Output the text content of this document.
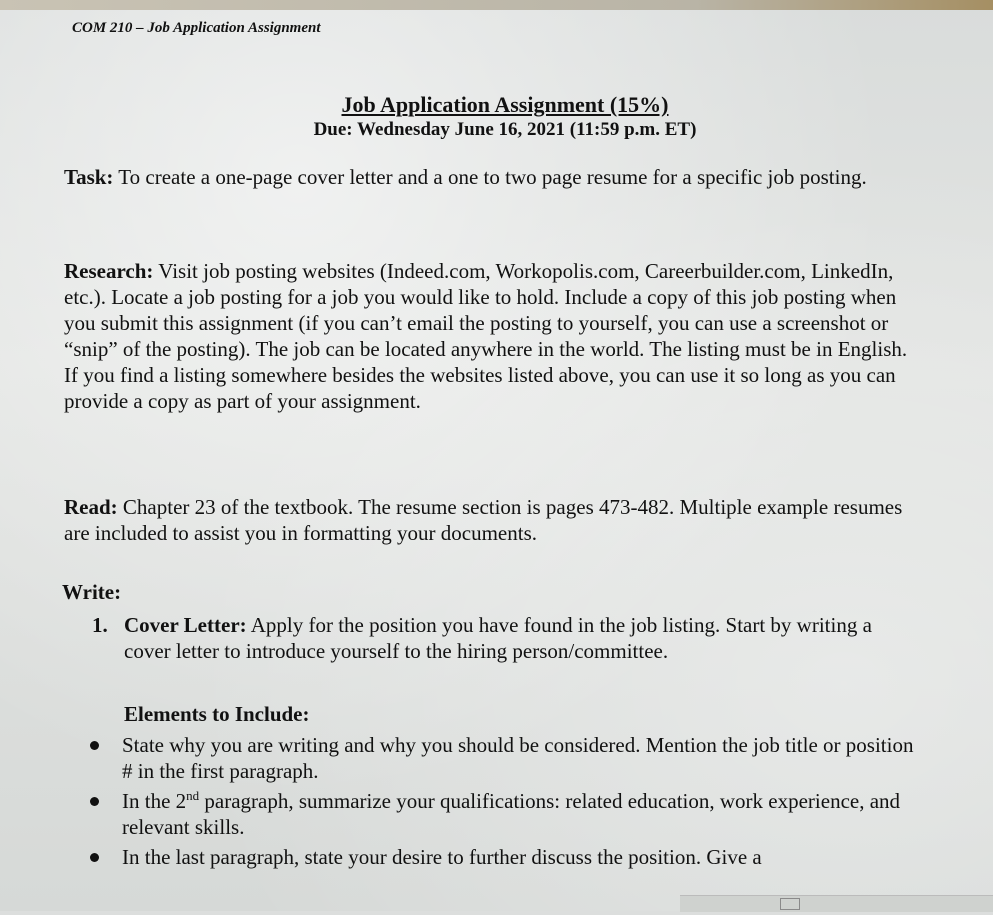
COM 210 – Job Application Assignment
Job Application Assignment (15%)
Due: Wednesday June 16, 2021 (11:59 p.m. ET)
Task: To create a one-page cover letter and a one to two page resume for a specific job posting.
Research: Visit job posting websites (Indeed.com, Workopolis.com, Careerbuilder.com, LinkedIn, etc.). Locate a job posting for a job you would like to hold. Include a copy of this job posting when you submit this assignment (if you can’t email the posting to yourself, you can use a screenshot or “snip” of the posting). The job can be located anywhere in the world. The listing must be in English. If you find a listing somewhere besides the websites listed above, you can use it so long as you can provide a copy as part of your assignment.
Read: Chapter 23 of the textbook. The resume section is pages 473-482. Multiple example resumes are included to assist you in formatting your documents.
Write:
1. Cover Letter: Apply for the position you have found in the job listing. Start by writing a cover letter to introduce yourself to the hiring person/committee.
Elements to Include:
State why you are writing and why you should be considered. Mention the job title or position # in the first paragraph.
In the 2nd paragraph, summarize your qualifications: related education, work experience, and relevant skills.
In the last paragraph, state your desire to further discuss the position. Give a
